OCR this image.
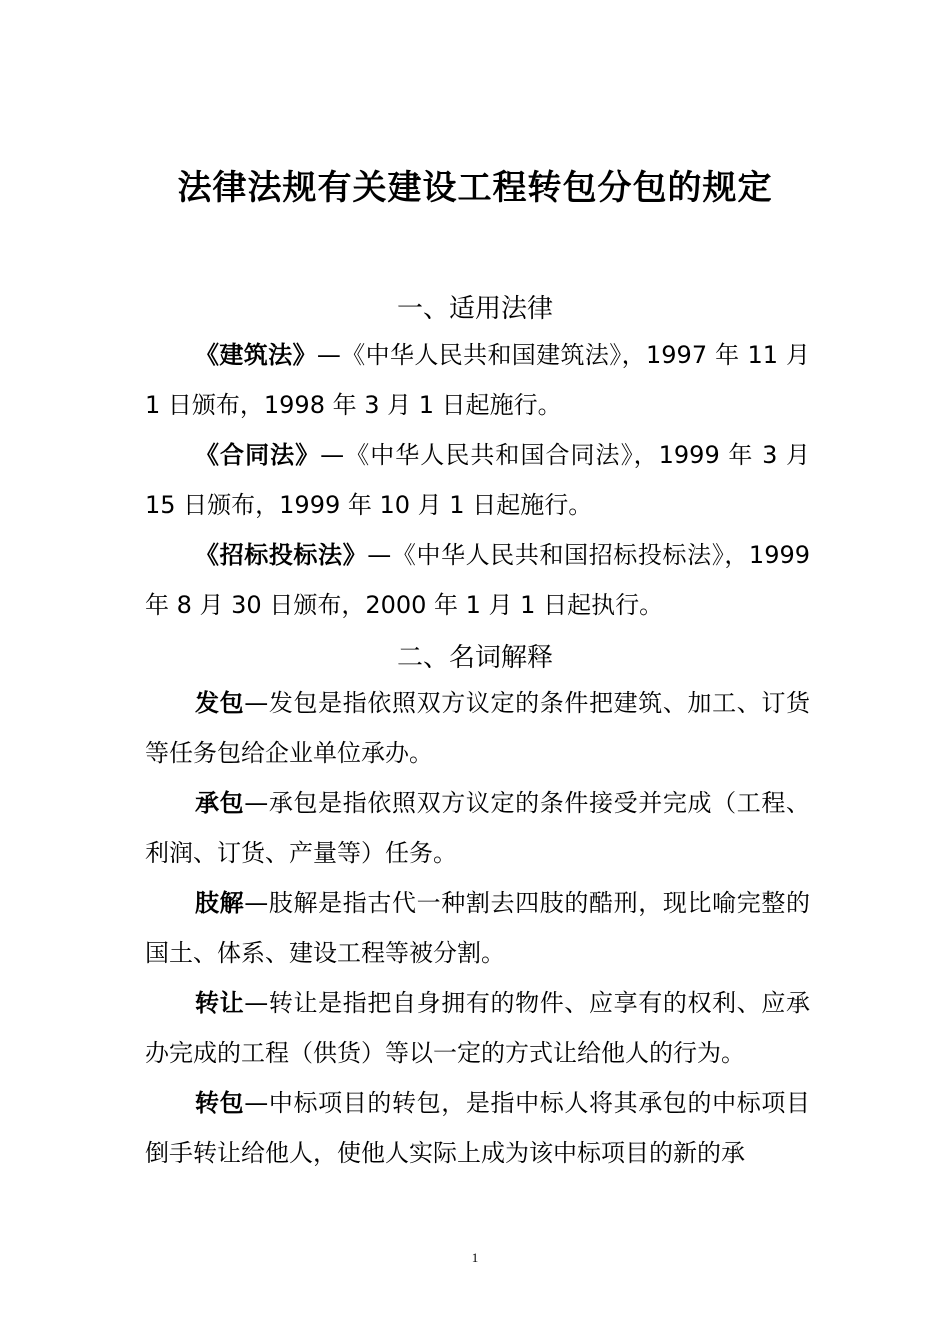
法律法规有关建设工程转包分包的规定
一、适用法律

《建筑法》—《中华人民共和国建筑法》，1997 年 11 月 1 日颁布，1998 年 3 月 1 日起施行。

《合同法》—《中华人民共和国合同法》，1999 年 3 月 15 日颁布，1999 年 10 月 1 日起施行。

《招标投标法》—《中华人民共和国招标投标法》，1999 年 8 月 30 日颁布，2000 年 1 月 1 日起执行。

二、名词解释

发包—发包是指依照双方议定的条件把建筑、加工、订货等任务包给企业单位承办。

承包—承包是指依照双方议定的条件接受并完成（工程、利润、订货、产量等）任务。

肢解—肢解是指古代一种割去四肢的酷刑，现比喻完整的国土、体系、建设工程等被分割。

转让—转让是指把自身拥有的物件、应享有的权利、应承办完成的工程（供货）等以一定的方式让给他人的行为。

转包—中标项目的转包，是指中标人将其承包的中标项目倒手转让给他人，使他人实际上成为该中标项目的新的承

1
